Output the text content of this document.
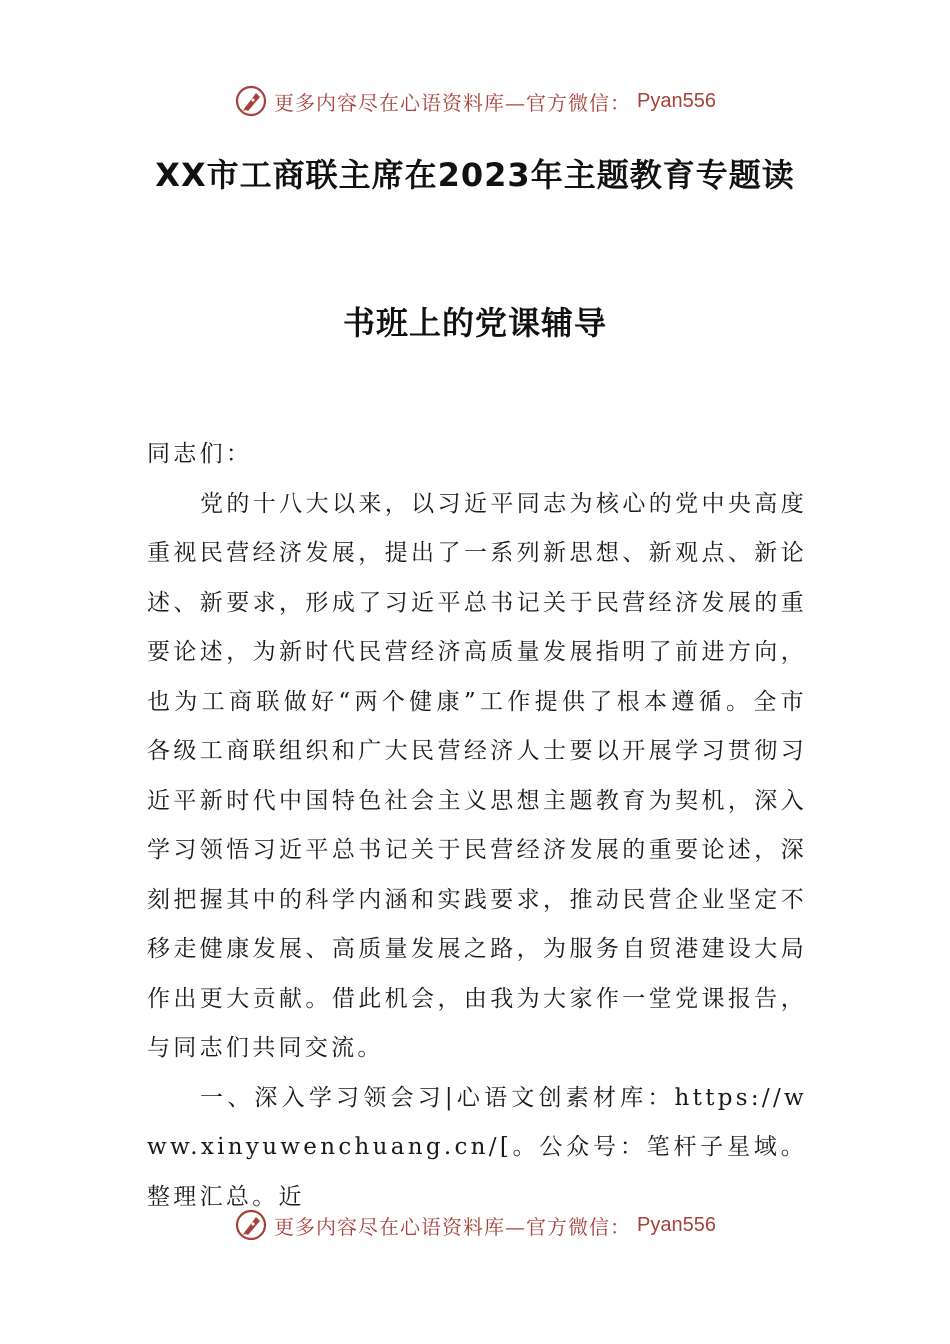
更多内容尽在心语资料库—官方微信： Pyan556
XX市工商联主席在2023年主题教育专题读
书班上的党课辅导

同志们：

党的十八大以来，以习近平同志为核心的党中央高度重视民营经济发展，提出了一系列新思想、新观点、新论述、新要求，形成了习近平总书记关于民营经济发展的重要论述，为新时代民营经济高质量发展指明了前进方向，也为工商联做好“两个健康”工作提供了根本遵循。全市各级工商联组织和广大民营经济人士要以开展学习贯彻习近平新时代中国特色社会主义思想主题教育为契机，深入学习领悟习近平总书记关于民营经济发展的重要论述，深刻把握其中的科学内涵和实践要求，推动民营企业坚定不移走健康发展、高质量发展之路，为服务自贸港建设大局作出更大贡献。借此机会，由我为大家作一堂党课报告，与同志们共同交流。

一、深入学习领会习|心语文创素材库：https://www.xinyuwenchuang.cn/[。公众号：笔杆子星域。整理汇总。近

更多内容尽在心语资料库—官方微信： Pyan556
